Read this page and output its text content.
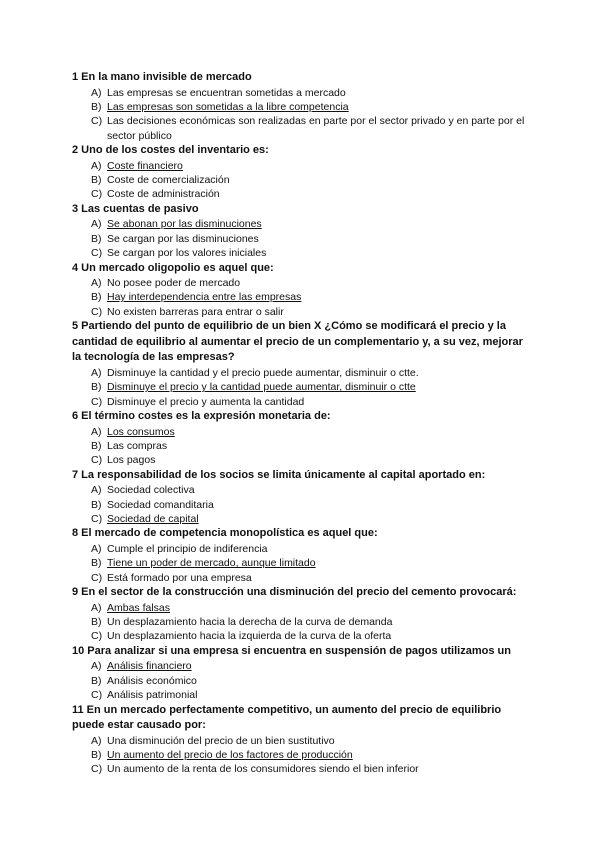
1 En la mano invisible de mercado
A) Las empresas se encuentran sometidas a mercado
B) Las empresas son sometidas a la libre competencia
C) Las decisiones económicas son realizadas en parte por el sector privado y en parte por el sector público
2 Uno de los costes del inventario es:
A) Coste financiero
B) Coste de comercialización
C) Coste de administración
3 Las cuentas de pasivo
A) Se abonan por las disminuciones
B) Se cargan por las disminuciones
C) Se cargan por los valores iniciales
4 Un mercado oligopolio es aquel que:
A) No posee poder de mercado
B) Hay interdependencia entre las empresas
C) No existen barreras para entrar o salir
5 Partiendo del punto de equilibrio de un bien X ¿Cómo se modificará el precio y la cantidad de equilibrio al aumentar el precio de un complementario y, a su vez, mejorar la tecnología de las empresas?
A) Disminuye la cantidad y el precio puede aumentar, disminuir o ctte.
B) Disminuye el precio y la cantidad puede aumentar, disminuir o ctte
C) Disminuye el precio y aumenta la cantidad
6 El término costes es la expresión monetaria de:
A) Los consumos
B) Las compras
C) Los pagos
7 La responsabilidad de los socios se limita únicamente al capital aportado en:
A) Sociedad colectiva
B) Sociedad comanditaria
C) Sociedad de capital
8 El mercado de competencia monopolística es aquel que:
A) Cumple el principio de indiferencia
B) Tiene un poder de mercado, aunque limitado
C) Está formado por una empresa
9 En el sector de la construcción una disminución del precio del cemento provocará:
A) Ambas falsas
B) Un desplazamiento hacia la derecha de la curva de demanda
C) Un desplazamiento hacia la izquierda de la curva de la oferta
10 Para analizar si una empresa si encuentra en suspensión de pagos utilizamos un
A) Análisis financiero
B) Análisis económico
C) Análisis patrimonial
11 En un mercado perfectamente competitivo, un aumento del precio de equilibrio puede estar causado por:
A) Una disminución del precio de un bien sustitutivo
B) Un aumento del precio de los factores de producción
C) Un aumento de la renta de los consumidores siendo el bien inferior
